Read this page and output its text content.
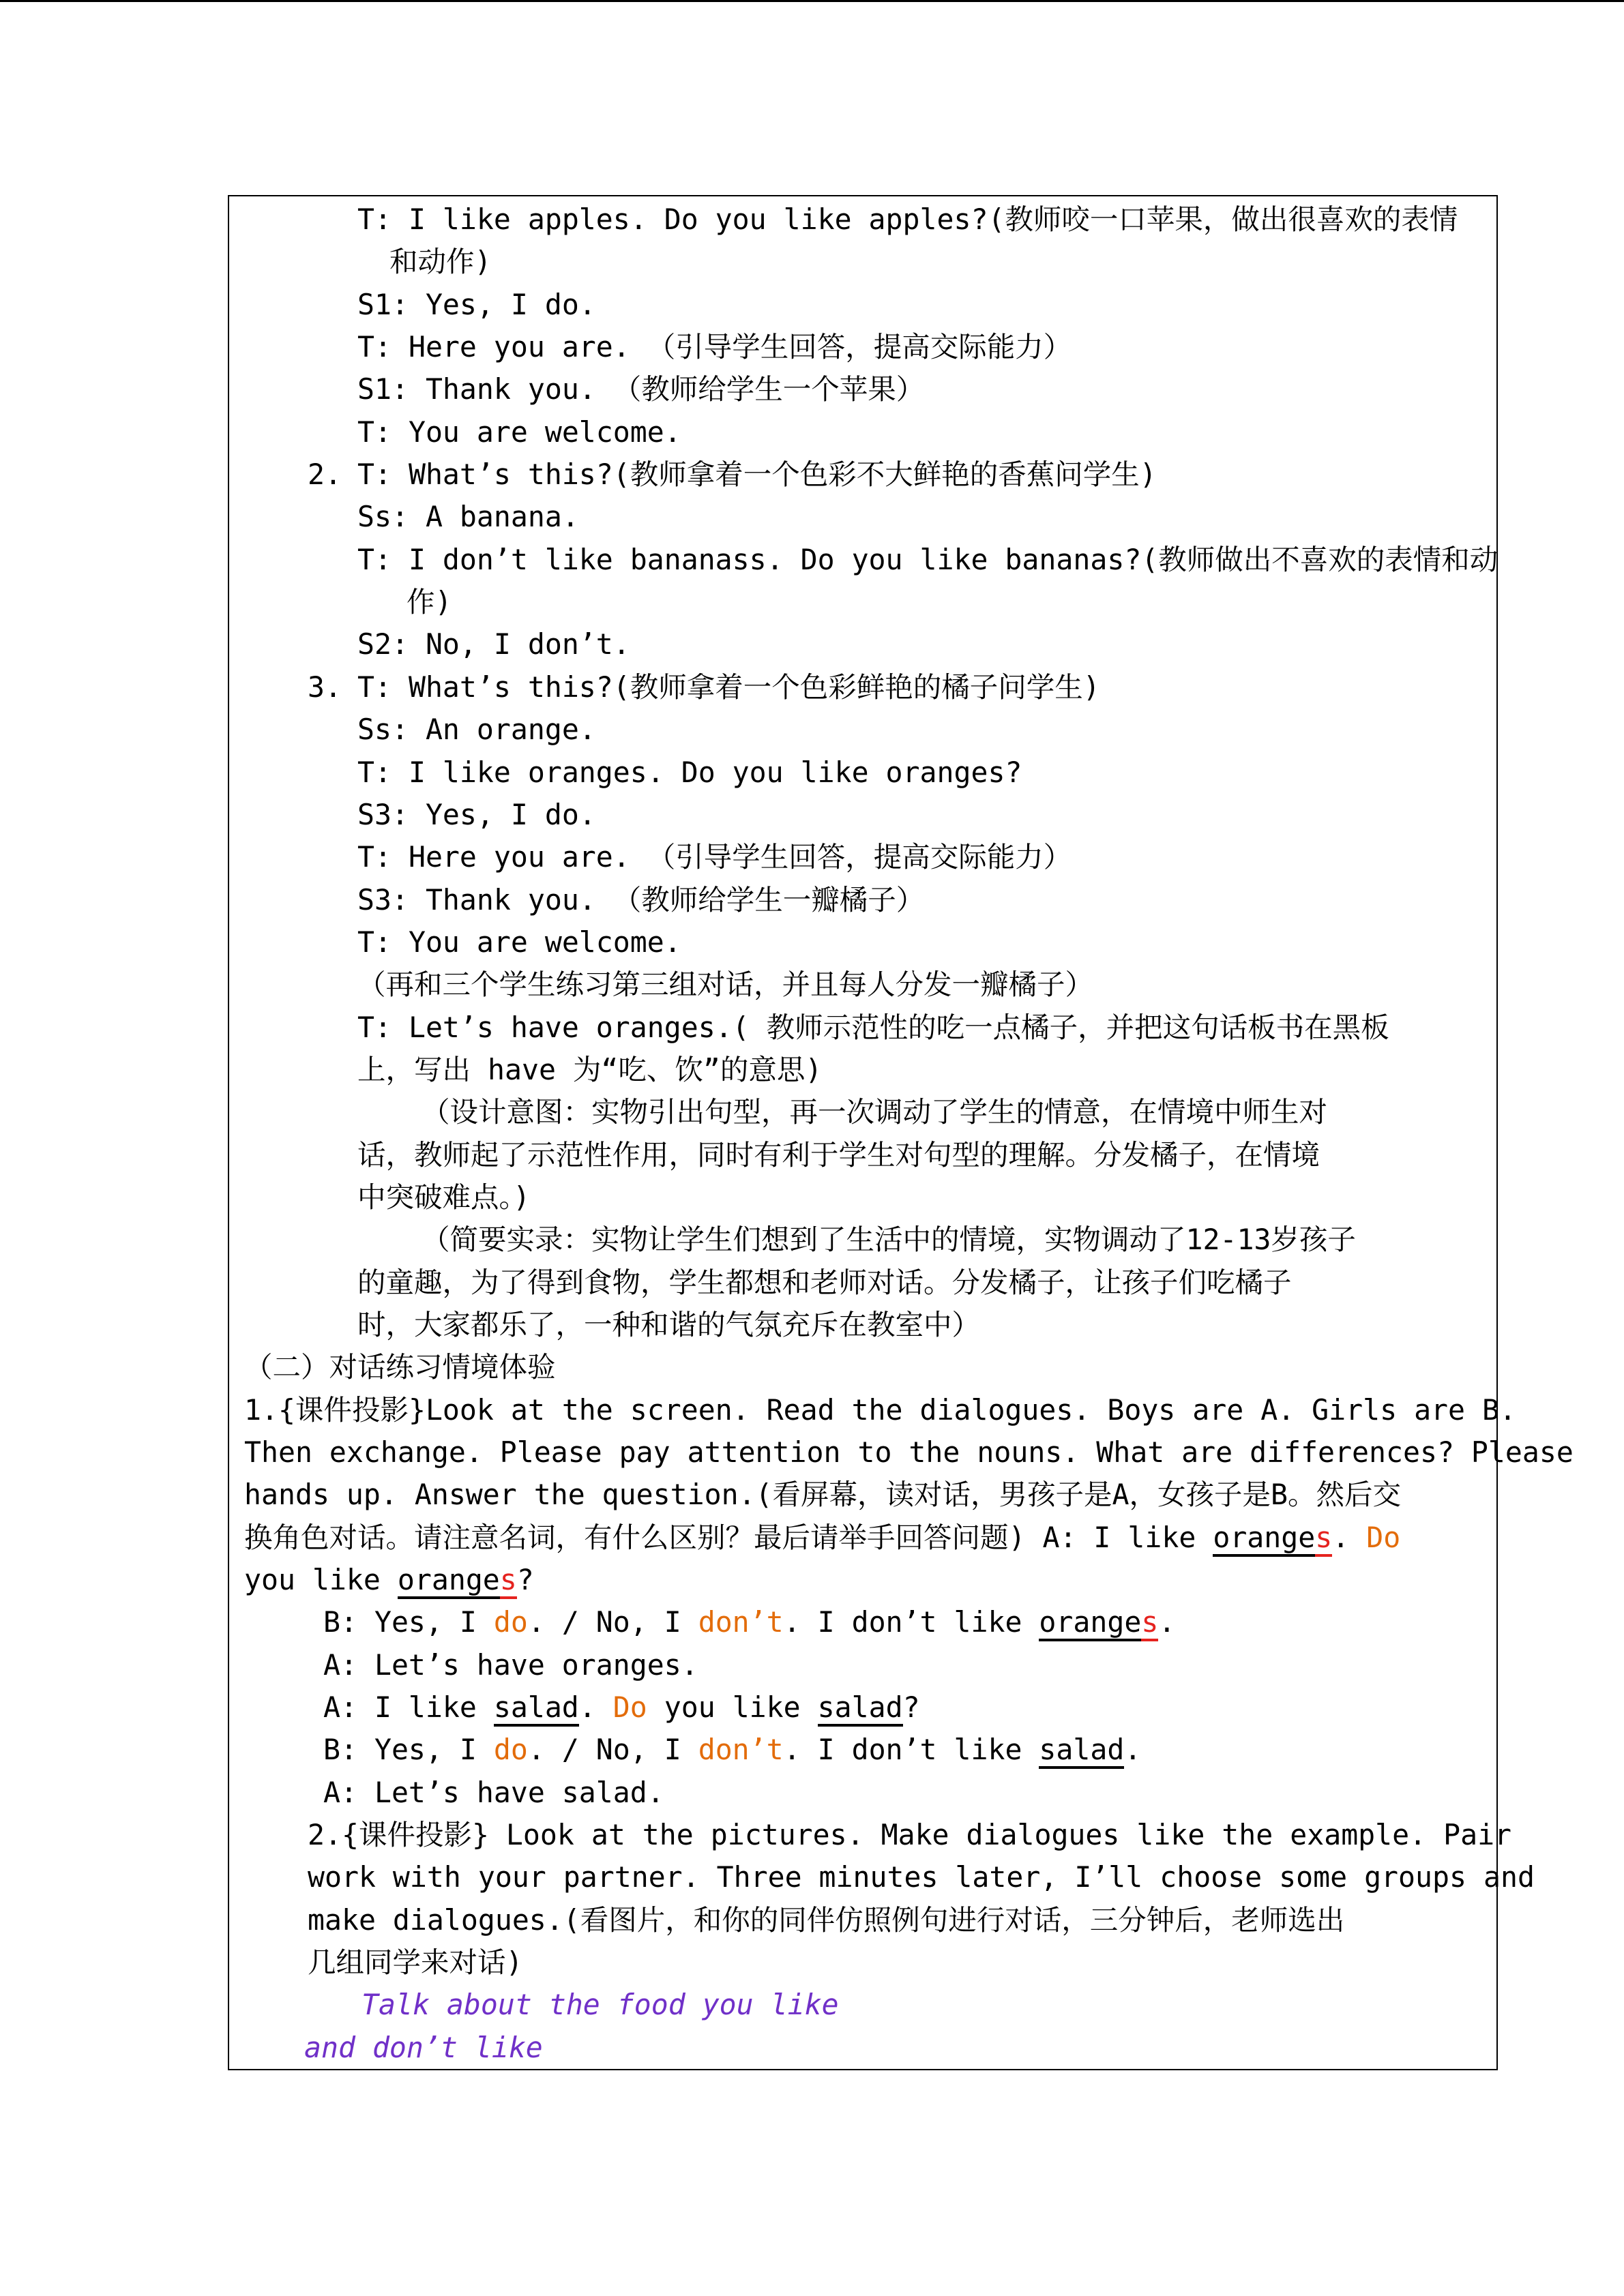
T: I like apples. Do you like apples?(教师咬一口苹果，做出很喜欢的表情
和动作)
S1: Yes, I do.
T: Here you are. （引导学生回答，提高交际能力）
S1: Thank you. （教师给学生一个苹果）
T: You are welcome.
2. T: What’s this?(教师拿着一个色彩不大鲜艳的香蕉问学生)
Ss: A banana.
T: I don’t like bananass. Do you like bananas?(教师做出不喜欢的表情和动
作)
S2: No, I don’t.
3. T: What’s this?(教师拿着一个色彩鲜艳的橘子问学生)
Ss: An orange.
T: I like oranges. Do you like oranges?
S3: Yes, I do.
T: Here you are. （引导学生回答，提高交际能力）
S3: Thank you. （教师给学生一瓣橘子）
T: You are welcome.
（再和三个学生练习第三组对话，并且每人分发一瓣橘子）
T: Let’s have oranges.( 教师示范性的吃一点橘子，并把这句话板书在黑板
上，写出 have 为“吃、饮”的意思)
（设计意图：实物引出句型，再一次调动了学生的情意，在情境中师生对
话，教师起了示范性作用，同时有利于学生对句型的理解。分发橘子，在情境
中突破难点。)
（简要实录：实物让学生们想到了生活中的情境，实物调动了12-13岁孩子
的童趣，为了得到食物，学生都想和老师对话。分发橘子，让孩子们吃橘子
时，大家都乐了，一种和谐的气氛充斥在教室中）
（二）对话练习情境体验
1.{课件投影}Look at the screen. Read the dialogues. Boys are A. Girls are B.
Then exchange. Please pay attention to the nouns. What are differences? Please
hands up. Answer the question.(看屏幕，读对话，男孩子是A，女孩子是B。然后交
换角色对话。请注意名词，有什么区别？最后请举手回答问题) A: I like oranges. Do
you like oranges?
B: Yes, I do. / No, I don’t. I don’t like oranges.
A: Let’s have oranges.
A: I like salad. Do you like salad?
B: Yes, I do. / No, I don’t. I don’t like salad.
A: Let’s have salad.
2.{课件投影} Look at the pictures. Make dialogues like the example. Pair
work with your partner. Three minutes later, I’ll choose some groups and
make dialogues.(看图片，和你的同伴仿照例句进行对话，三分钟后，老师选出
几组同学来对话)
Talk about the food you like
and don’t like
